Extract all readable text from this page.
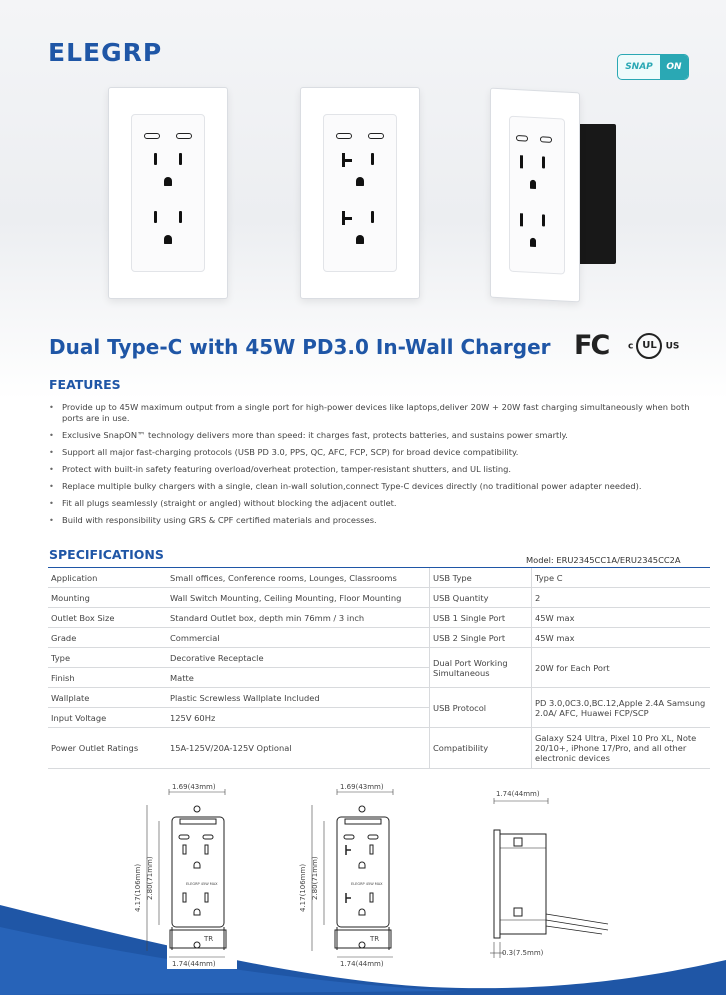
ELEGRP	SNAP	ON
Dual Type-C with 45W PD3.0 In-Wall Charger FC c UL US
FEATURES
• Provide up to 45W maximum output from a single port for high-power devices like laptops,deliver 20W + 20W fast charging simultaneously when both ports are in use.
• Exclusive SnapON™ technology delivers more than speed: it charges fast, protects batteries, and sustains power smartly.
• Support all major fast-charging protocols (USB PD 3.0, PPS, QC, AFC, FCP, SCP) for broad device compatibility.
• Protect with built-in safety featuring overload/overheat protection, tamper-resistant shutters, and UL listing.
• Replace multiple bulky chargers with a single, clean in-wall solution,connect Type-C devices directly (no traditional power adapter needed).
• Fit all plugs seamlessly (straight or angled) without blocking the adjacent outlet.
• Build with responsibility using GRS & CPF certified materials and processes.
SPECIFICATIONS	Model: ERU2345CC1A/ERU2345CC2A
Application	Small offices, Conference rooms, Lounges, Classrooms	USB Type	Type C
Mounting	Wall Switch Mounting, Ceiling Mounting, Floor Mounting	USB Quantity	2
Outlet Box Size	Standard Outlet box, depth min 76mm / 3 inch	USB 1 Single Port	45W max
Grade	Commercial	USB 2 Single Port	45W max
Type	Decorative Receptacle	Dual Port Working Simultaneous	20W for Each Port
Finish	Matte		
Wallplate	Plastic Screwless Wallplate Included	USB Protocol	PD 3.0,0C3.0,BC.12,Apple 2.4A Samsung 2.0A/ AFC, Huawei FCP/SCP
Input Voltage	125V 60Hz		
Power Outlet Ratings	15A-125V/20A-125V Optional	Compatibility	Galaxy S24 Ultra, Pixel 10 Pro XL, Note 20/10+, iPhone 17/Pro, and all other electronic devices
1.69(43mm)
1.74(44mm)
4.17(106mm) 2.80(71mm)
TR
ELEGRP 45W MAX
1.69(43mm)
1.74(44mm)
4.17(106mm) 2.80(71mm)
TR
ELEGRP 45W MAX
1.74(44mm)
0.3(7.5mm)
